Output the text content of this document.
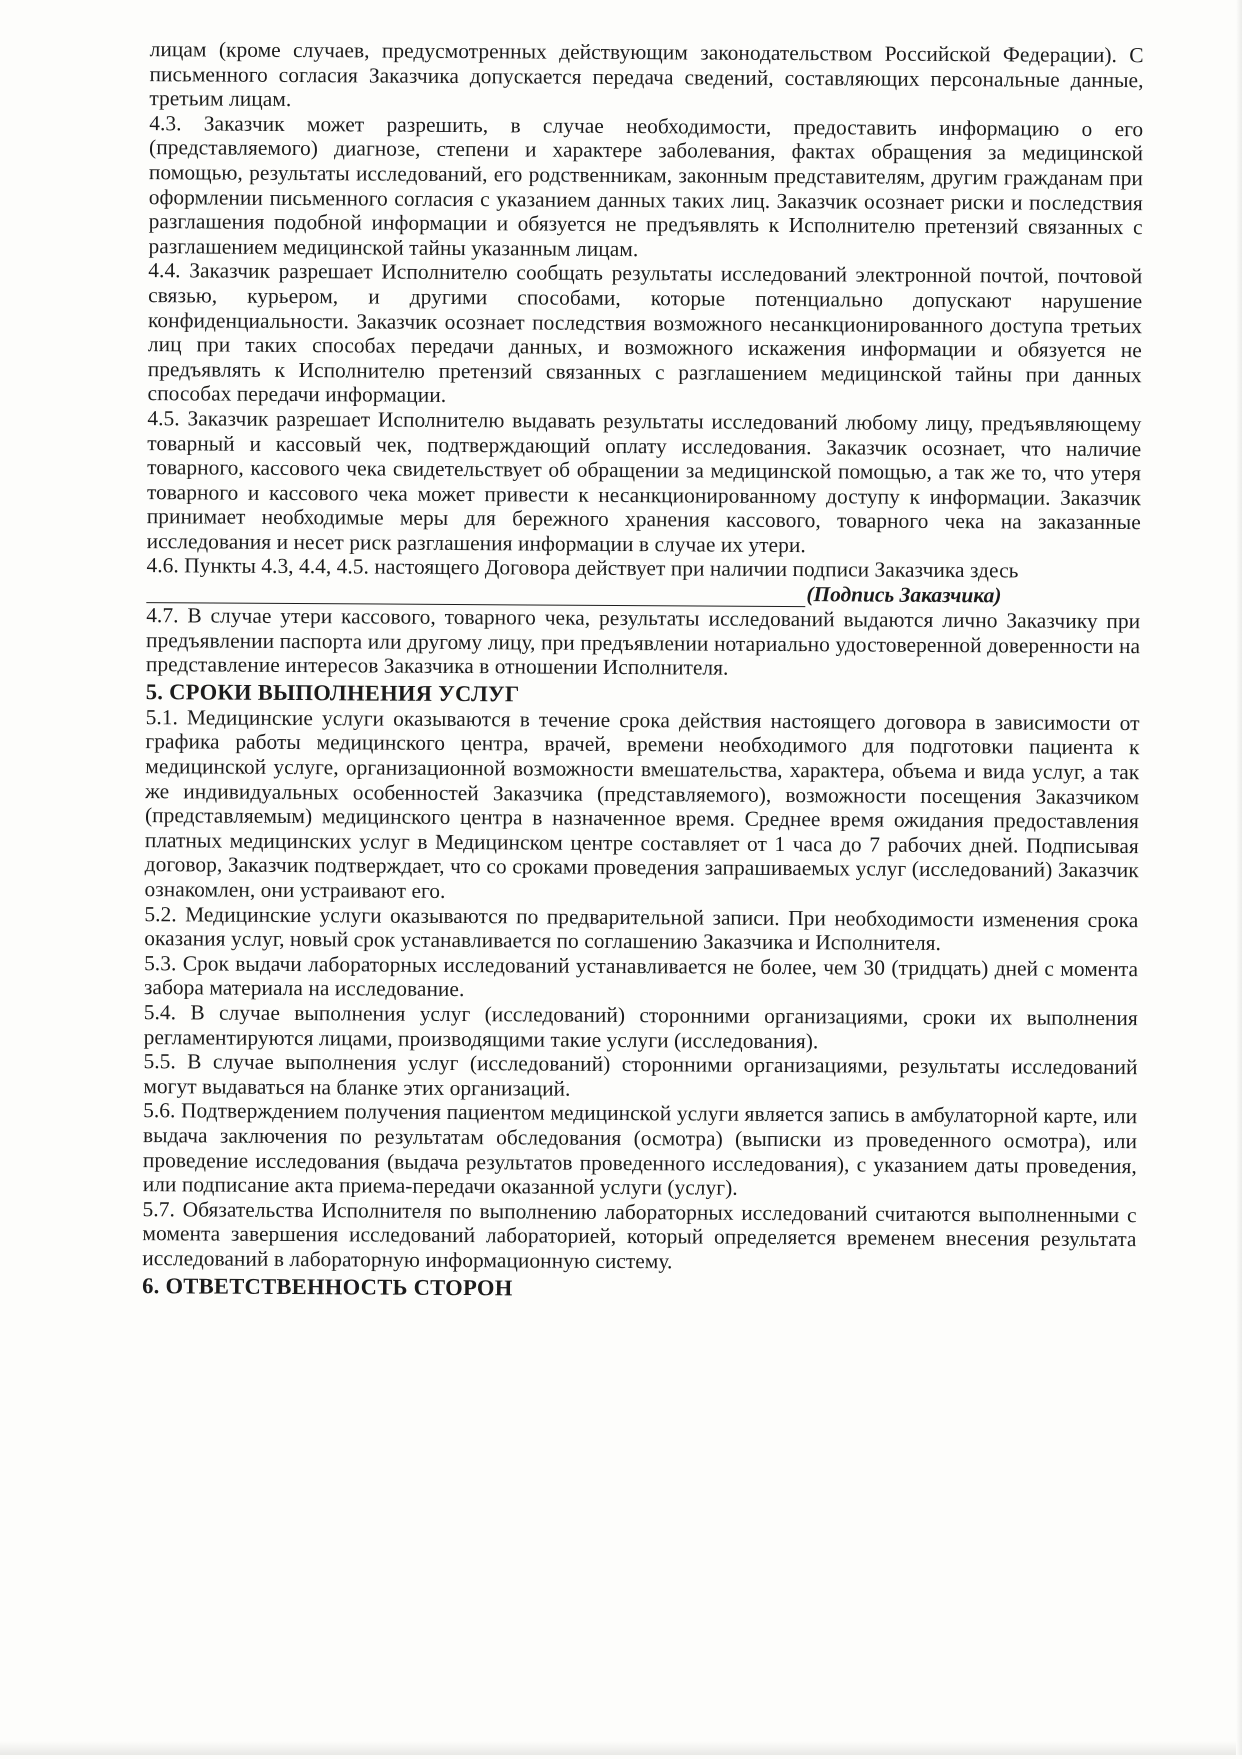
лицам (кроме случаев, предусмотренных действующим законодательством Российской Федерации). С письменного согласия Заказчика допускается передача сведений, составляющих персональные данные, третьим лицам.

4.3. Заказчик может разрешить, в случае необходимости, предоставить информацию о его (представляемого) диагнозе, степени и характере заболевания, фактах обращения за медицинской помощью, результаты исследований, его родственникам, законным представителям, другим гражданам при оформлении письменного согласия с указанием данных таких лиц. Заказчик осознает риски и последствия разглашения подобной информации и обязуется не предъявлять к Исполнителю претензий связанных с разглашением медицинской тайны указанным лицам.

4.4. Заказчик разрешает Исполнителю сообщать результаты исследований электронной почтой, почтовой связью, курьером, и другими способами, которые потенциально допускают нарушение конфиденциальности. Заказчик осознает последствия возможного несанкционированного доступа третьих лиц при таких способах передачи данных, и возможного искажения информации и обязуется не предъявлять к Исполнителю претензий связанных с разглашением медицинской тайны при данных способах передачи информации.

4.5. Заказчик разрешает Исполнителю выдавать результаты исследований любому лицу, предъявляющему товарный и кассовый чек, подтверждающий оплату исследования. Заказчик осознает, что наличие товарного, кассового чека свидетельствует об обращении за медицинской помощью, а так же то, что утеря товарного и кассового чека может привести к несанкционированному доступу к информации. Заказчик принимает необходимые меры для бережного хранения кассового, товарного чека на заказанные исследования и несет риск разглашения информации в случае их утери.

4.6. Пункты 4.3, 4.4, 4.5. настоящего Договора действует при наличии подписи Заказчика здесь

(Подпись Заказчика)

4.7. В случае утери кассового, товарного чека, результаты исследований выдаются лично Заказчику при предъявлении паспорта или другому лицу, при предъявлении нотариально удостоверенной доверенности на представление интересов Заказчика в отношении Исполнителя.

5. СРОКИ ВЫПОЛНЕНИЯ УСЛУГ

5.1. Медицинские услуги оказываются в течение срока действия настоящего договора в зависимости от графика работы медицинского центра, врачей, времени необходимого для подготовки пациента к медицинской услуге, организационной возможности вмешательства, характера, объема и вида услуг, а так же индивидуальных особенностей Заказчика (представляемого), возможности посещения Заказчиком (представляемым) медицинского центра в назначенное время. Среднее время ожидания предоставления платных медицинских услуг в Медицинском центре составляет от 1 часа до 7 рабочих дней. Подписывая договор, Заказчик подтверждает, что со сроками проведения запрашиваемых услуг (исследований) Заказчик ознакомлен, они устраивают его.

5.2. Медицинские услуги оказываются по предварительной записи. При необходимости изменения срока оказания услуг, новый срок устанавливается по соглашению Заказчика и Исполнителя.

5.3. Срок выдачи лабораторных исследований устанавливается не более, чем 30 (тридцать) дней с момента забора материала на исследование.

5.4. В случае выполнения услуг (исследований) сторонними организациями, сроки их выполнения регламентируются лицами, производящими такие услуги (исследования).

5.5. В случае выполнения услуг (исследований) сторонними организациями, результаты исследований могут выдаваться на бланке этих организаций.

5.6. Подтверждением получения пациентом медицинской услуги является запись в амбулаторной карте, или выдача заключения по результатам обследования (осмотра) (выписки из проведенного осмотра), или проведение исследования (выдача результатов проведенного исследования), с указанием даты проведения, или подписание акта приема-передачи оказанной услуги (услуг).

5.7. Обязательства Исполнителя по выполнению лабораторных исследований считаются выполненными с момента завершения исследований лабораторией, который определяется временем внесения результата исследований в лабораторную информационную систему.

6. ОТВЕТСТВЕННОСТЬ СТОРОН
